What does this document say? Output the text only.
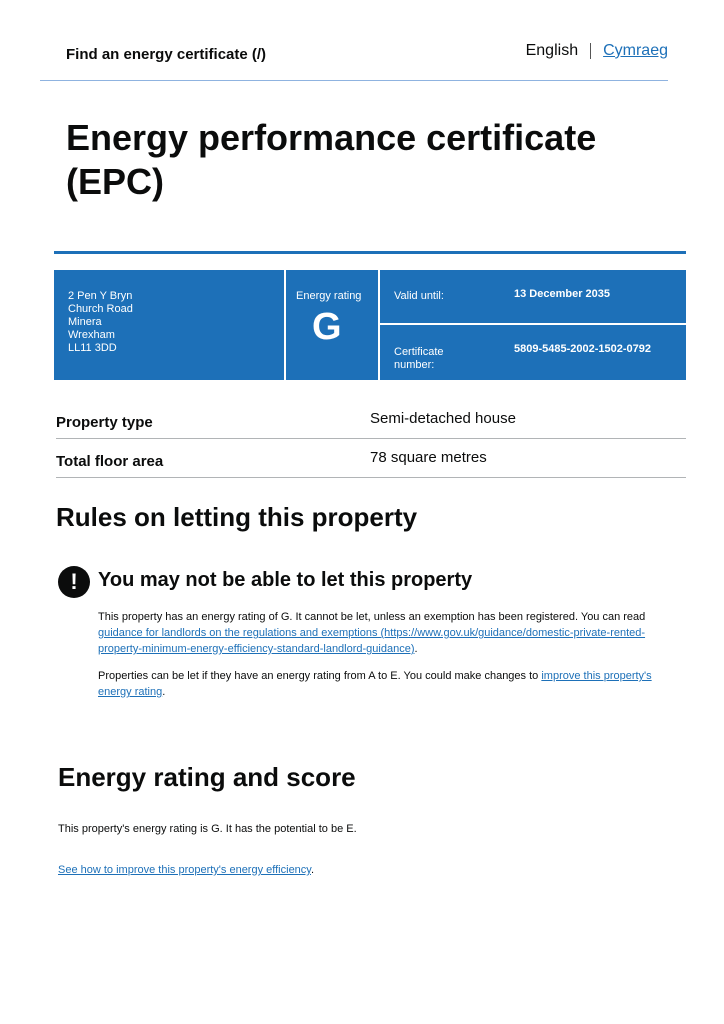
Find an energy certificate (/)	English Cymraeg
Energy performance certificate (EPC)
2 Pen Y Bryn
Church Road
Minera
Wrexham
LL11 3DD
Energy rating
G
Valid until:	13 December 2035
Certificate number:
5809-5485-2002-1502-0792
Property type	Semi-detached house
Total floor area	78 square metres
Rules on letting this property
!	You may not be able to let this property
This property has an energy rating of G. It cannot be let, unless an exemption has been registered. You can read guidance for landlords on the regulations and exemptions (https://www.gov.uk/guidance/domestic-private-rented-property-minimum-energy-efficiency-standard-landlord-guidance).
Properties can be let if they have an energy rating from A to E. You could make changes to improve this property's energy rating.
Energy rating and score
This property's energy rating is G. It has the potential to be E.
See how to improve this property's energy efficiency.
